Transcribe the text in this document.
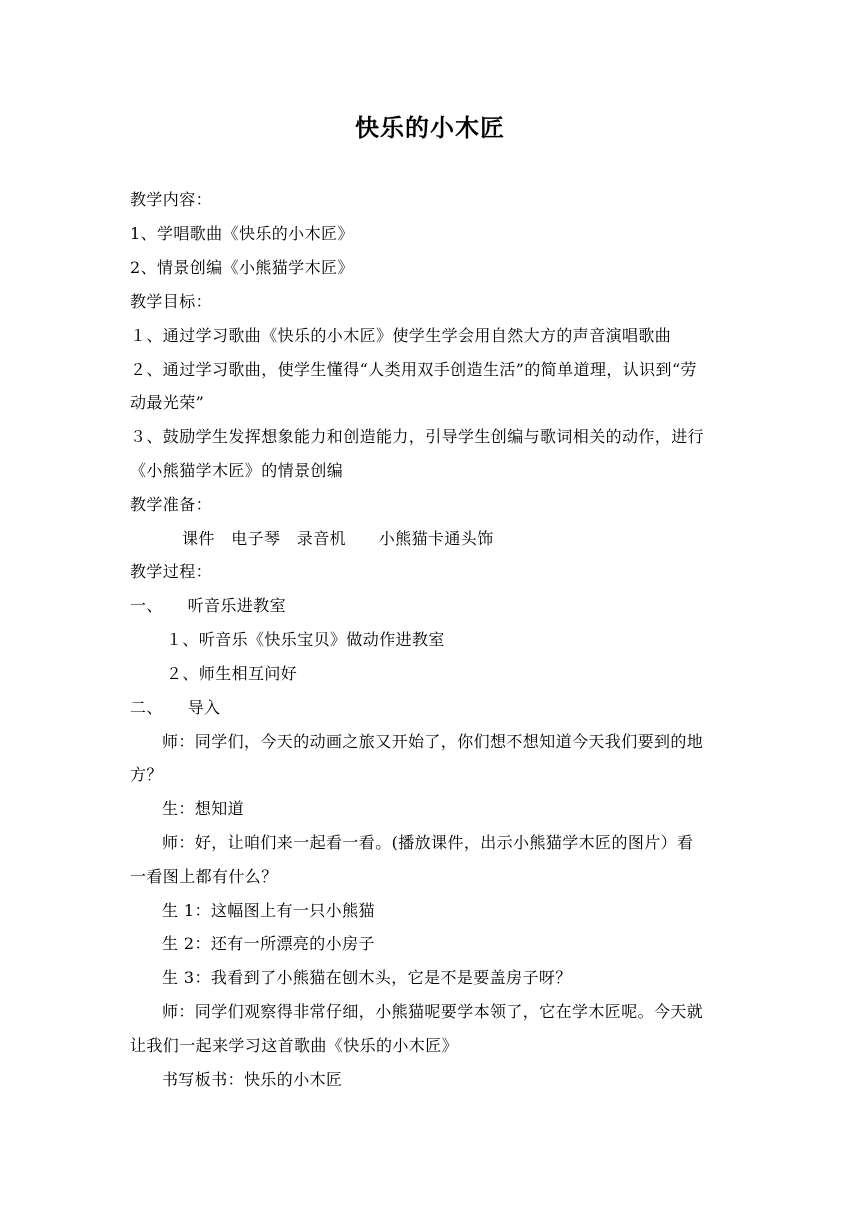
快乐的小木匠
教学内容：
1、学唱歌曲《快乐的小木匠》
2、情景创编《小熊猫学木匠》
教学目标：
１、通过学习歌曲《快乐的小木匠》使学生学会用自然大方的声音演唱歌曲
２、通过学习歌曲，使学生懂得“人类用双手创造生活”的简单道理，认识到“劳
动最光荣”
３、鼓励学生发挥想象能力和创造能力，引导学生创编与歌词相关的动作，进行
《小熊猫学木匠》的情景创编
教学准备：
课件　电子琴　录音机　　小熊猫卡通头饰
教学过程：
一、　　听音乐进教室
１、听音乐《快乐宝贝》做动作进教室
２、师生相互问好
二、　　导入
师：同学们，今天的动画之旅又开始了，你们想不想知道今天我们要到的地
方？
生：想知道
师：好，让咱们来一起看一看。(播放课件，出示小熊猫学木匠的图片）看
一看图上都有什么？
生 1：这幅图上有一只小熊猫
生 2：还有一所漂亮的小房子
生 3：我看到了小熊猫在刨木头，它是不是要盖房子呀？
师：同学们观察得非常仔细，小熊猫呢要学本领了，它在学木匠呢。今天就
让我们一起来学习这首歌曲《快乐的小木匠》
书写板书：快乐的小木匠
